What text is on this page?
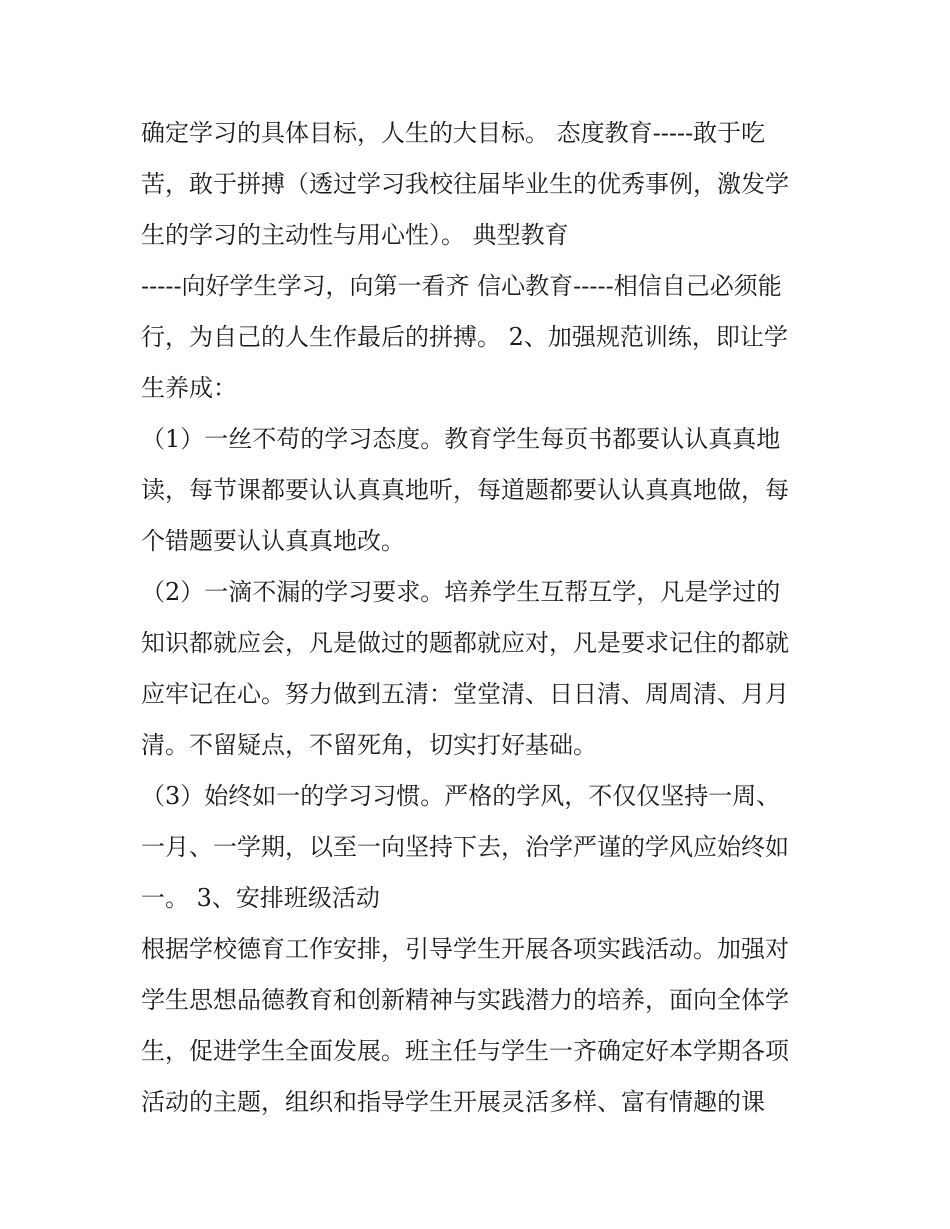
确定学习的具体目标，人生的大目标。 态度教育-----敢于吃
苦，敢于拼搏（透过学习我校往届毕业生的优秀事例，激发学
生的学习的主动性与用心性）。 典型教育
-----向好学生学习，向第一看齐 信心教育-----相信自己必须能
行，为自己的人生作最后的拼搏。 2、加强规范训练，即让学
生养成：
（1）一丝不苟的学习态度。教育学生每页书都要认认真真地
读，每节课都要认认真真地听，每道题都要认认真真地做，每
个错题要认认真真地改。
（2）一滴不漏的学习要求。培养学生互帮互学，凡是学过的
知识都就应会，凡是做过的题都就应对，凡是要求记住的都就
应牢记在心。努力做到五清：堂堂清、日日清、周周清、月月
清。不留疑点，不留死角，切实打好基础。
（3）始终如一的学习习惯。严格的学风，不仅仅坚持一周、
一月、一学期，以至一向坚持下去，治学严谨的学风应始终如
一。 3、安排班级活动
根据学校德育工作安排，引导学生开展各项实践活动。加强对
学生思想品德教育和创新精神与实践潜力的培养，面向全体学
生，促进学生全面发展。班主任与学生一齐确定好本学期各项
活动的主题，组织和指导学生开展灵活多样、富有情趣的课
